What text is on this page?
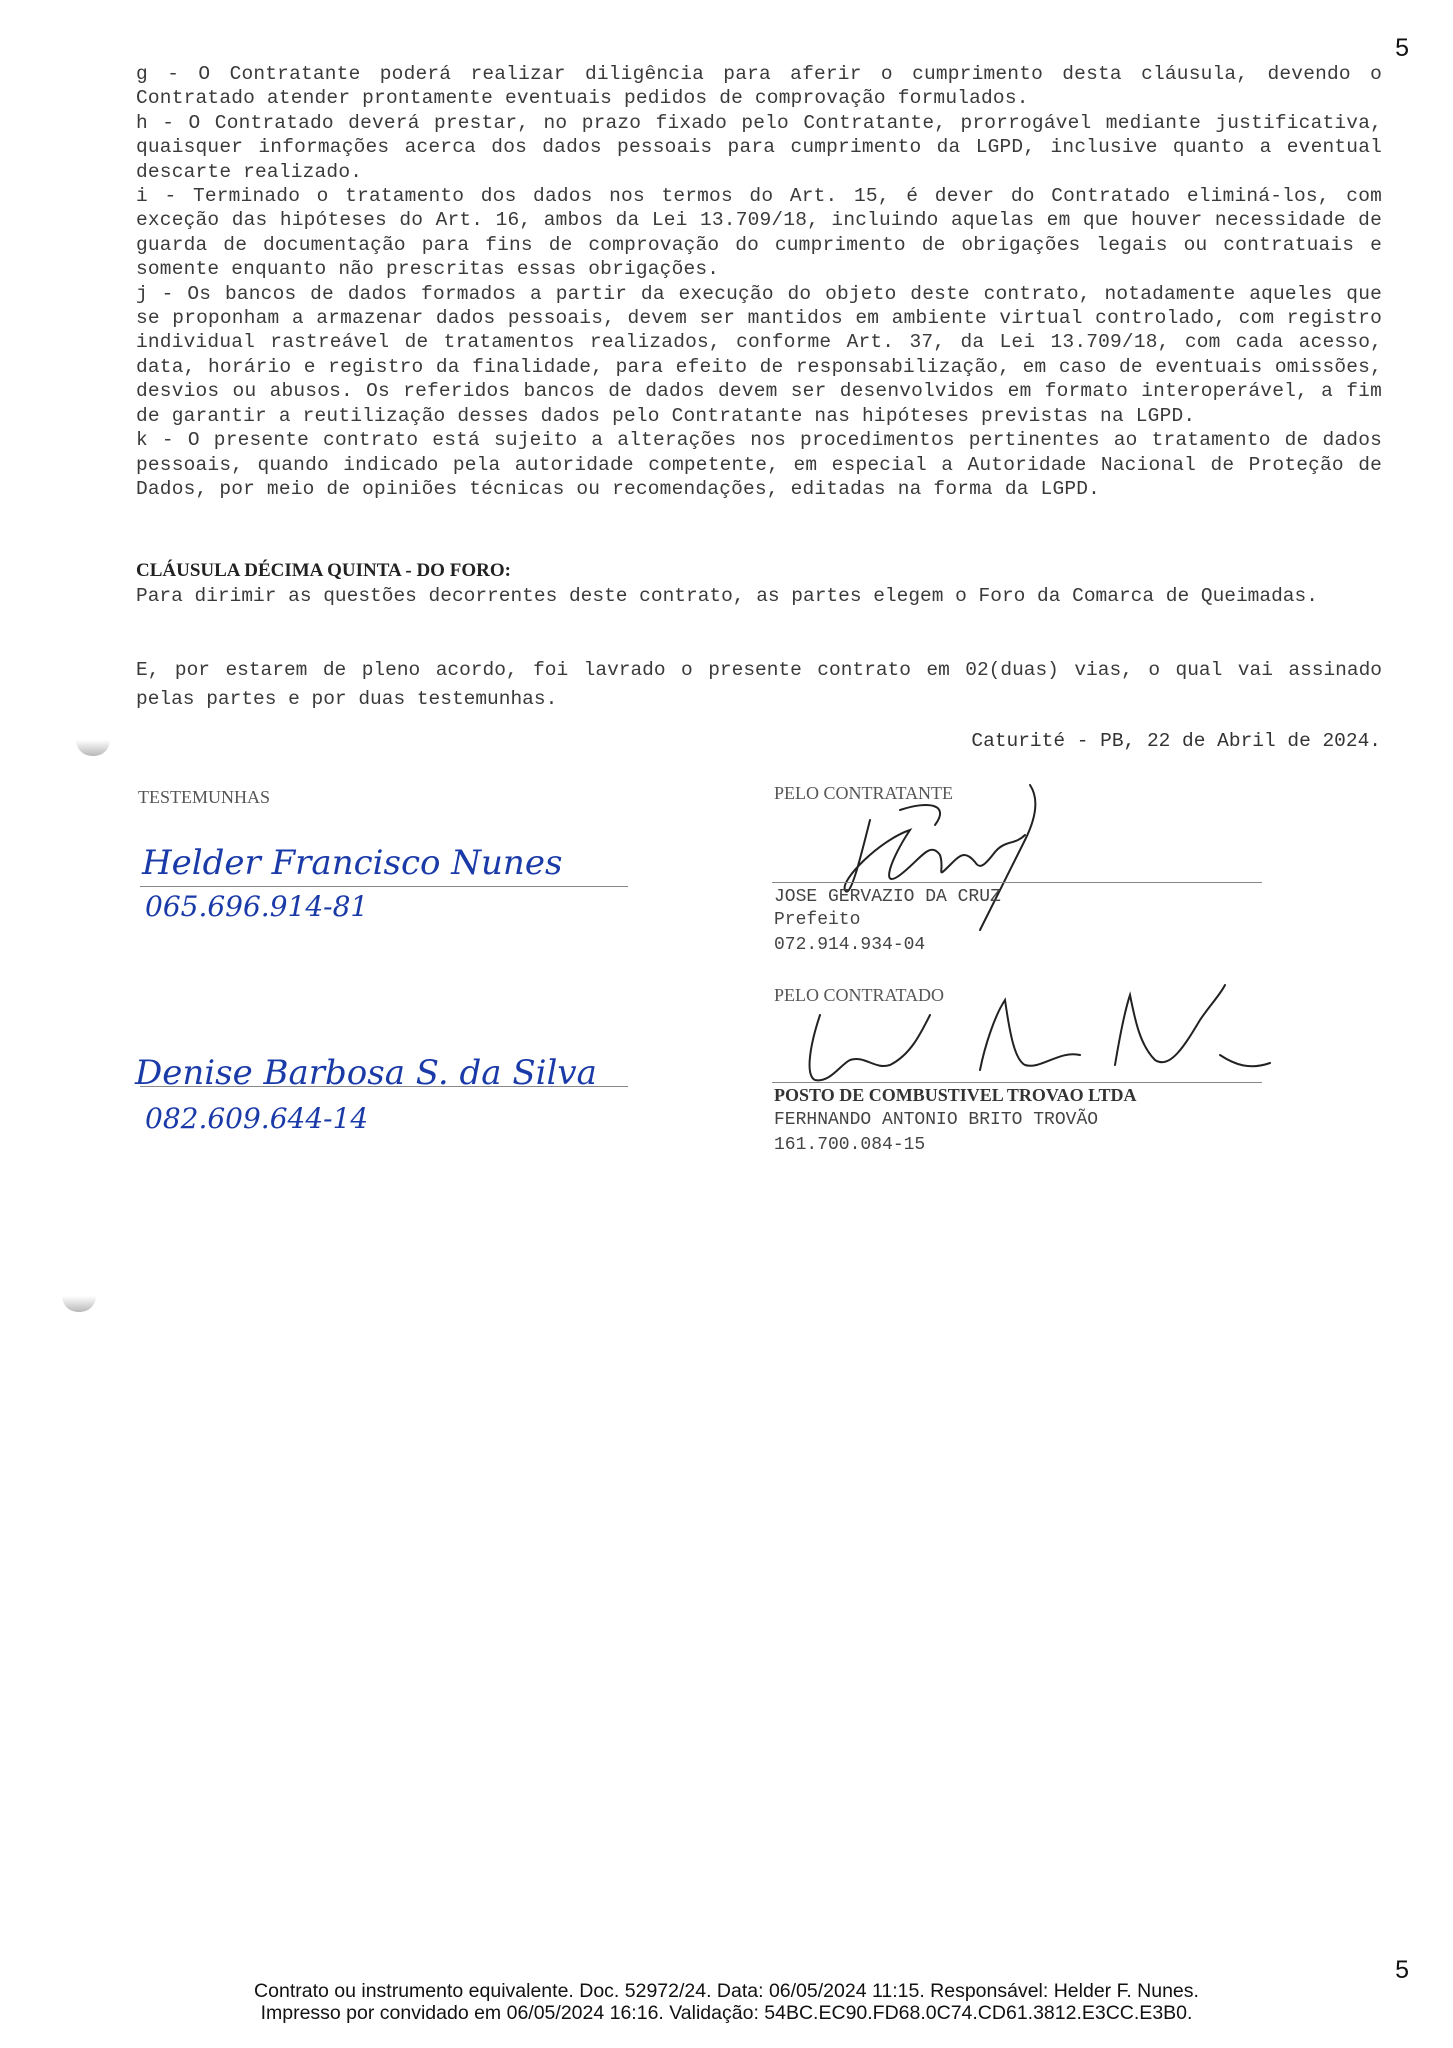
5

g - O Contratante poderá realizar diligência para aferir o cumprimento desta cláusula, devendo o Contratado atender prontamente eventuais pedidos de comprovação formulados.

h - O Contratado deverá prestar, no prazo fixado pelo Contratante, prorrogável mediante justificativa, quaisquer informações acerca dos dados pessoais para cumprimento da LGPD, inclusive quanto a eventual descarte realizado.

i - Terminado o tratamento dos dados nos termos do Art. 15, é dever do Contratado eliminá-los, com exceção das hipóteses do Art. 16, ambos da Lei 13.709/18, incluindo aquelas em que houver necessidade de guarda de documentação para fins de comprovação do cumprimento de obrigações legais ou contratuais e somente enquanto não prescritas essas obrigações.

j - Os bancos de dados formados a partir da execução do objeto deste contrato, notadamente aqueles que se proponham a armazenar dados pessoais, devem ser mantidos em ambiente virtual controlado, com registro individual rastreável de tratamentos realizados, conforme Art. 37, da Lei 13.709/18, com cada acesso, data, horário e registro da finalidade, para efeito de responsabilização, em caso de eventuais omissões, desvios ou abusos. Os referidos bancos de dados devem ser desenvolvidos em formato interoperável, a fim de garantir a reutilização desses dados pelo Contratante nas hipóteses previstas na LGPD.

k - O presente contrato está sujeito a alterações nos procedimentos pertinentes ao tratamento de dados pessoais, quando indicado pela autoridade competente, em especial a Autoridade Nacional de Proteção de Dados, por meio de opiniões técnicas ou recomendações, editadas na forma da LGPD.

CLÁUSULA DÉCIMA QUINTA - DO FORO:

Para dirimir as questões decorrentes deste contrato, as partes elegem o Foro da Comarca de Queimadas.

E, por estarem de pleno acordo, foi lavrado o presente contrato em 02(duas) vias, o qual vai assinado pelas partes e por duas testemunhas.

Caturité - PB, 22 de Abril de 2024.
TESTEMUNHAS
Helder Francisco Nunes
065.696.914-81
Denise Barbosa S. da Silva
082.609.644-14
PELO CONTRATANTE
JOSE GERVAZIO DA CRUZ
Prefeito
072.914.934-04
PELO CONTRATADO
POSTO DE COMBUSTIVEL TROVAO LTDA
FERHNANDO ANTONIO BRITO TROVÃO
161.700.084-15
5

Contrato ou instrumento equivalente. Doc. 52972/24. Data: 06/05/2024 11:15. Responsável: Helder F. Nunes.

Impresso por convidado em 06/05/2024 16:16. Validação: 54BC.EC90.FD68.0C74.CD61.3812.E3CC.E3B0.
